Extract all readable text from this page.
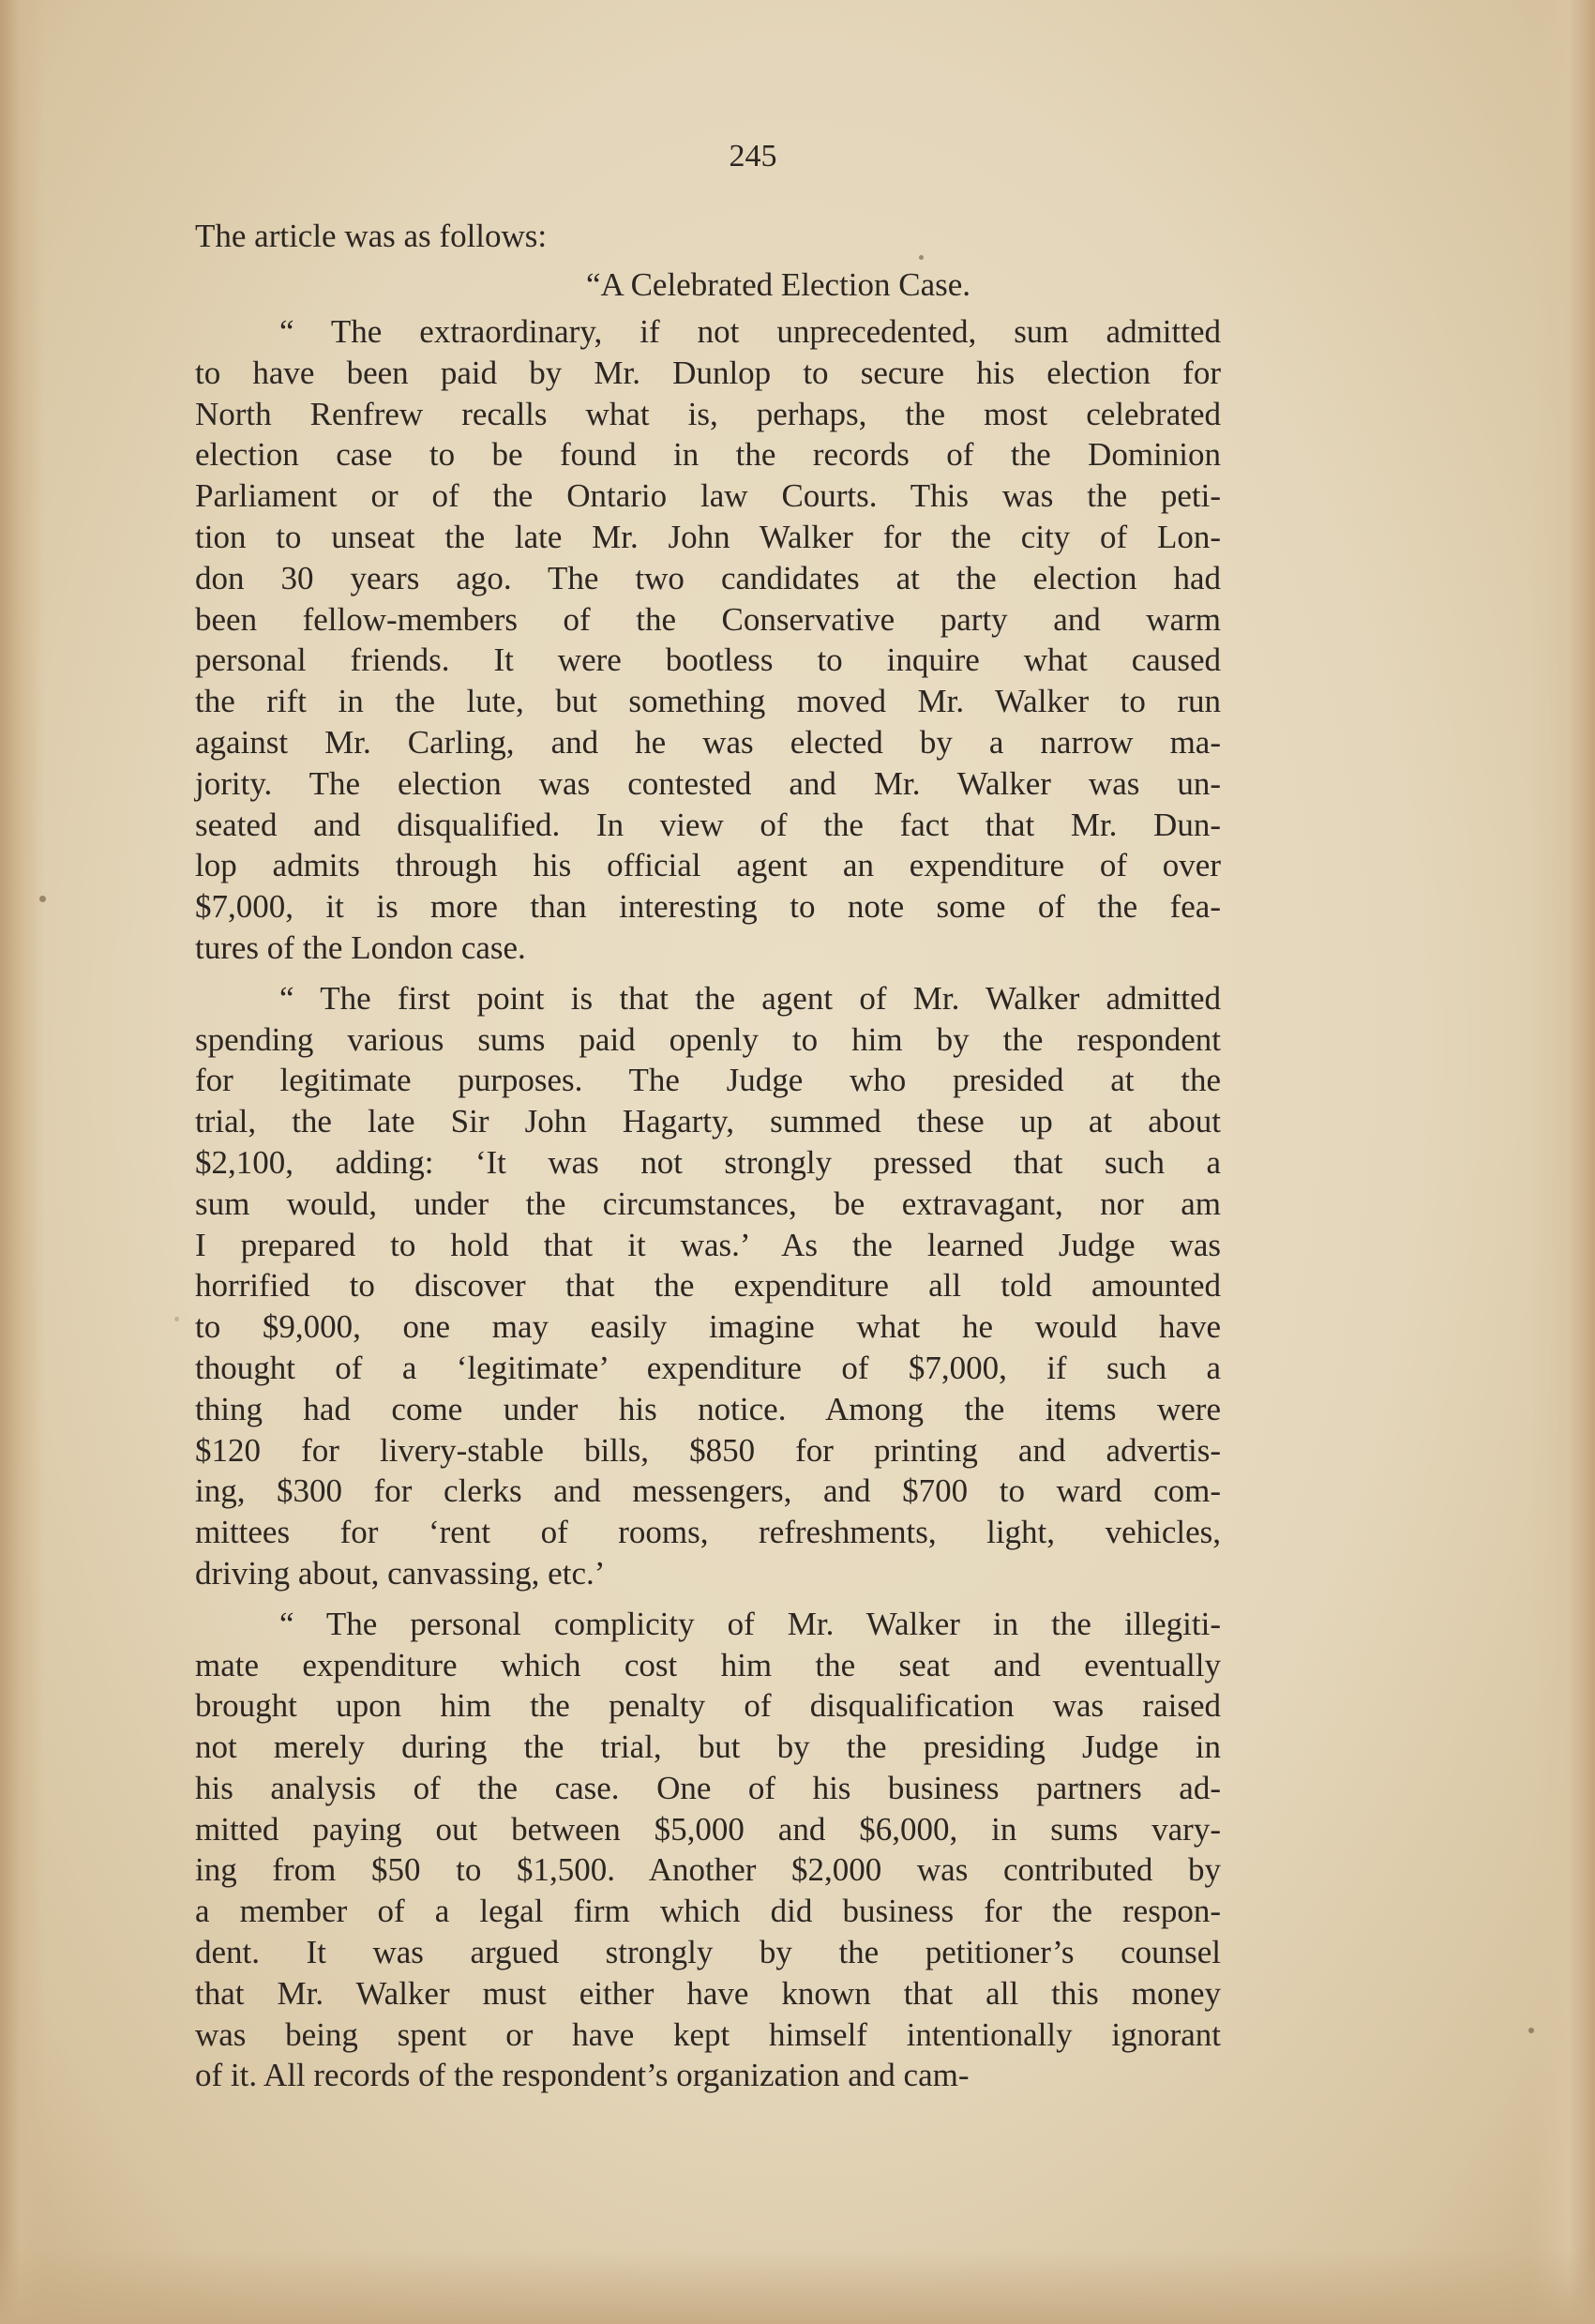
245

The article was as follows:

“A Celebrated Election Case.

“ The extraordinary, if not unprecedented, sum admitted
to have been paid by Mr. Dunlop to secure his election for
North Renfrew recalls what is, perhaps, the most celebrated
election case to be found in the records of the Dominion
Parliament or of the Ontario law Courts. This was the peti-
tion to unseat the late Mr. John Walker for the city of Lon-
don 30 years ago. The two candidates at the election had
been fellow-members of the Conservative party and warm
personal friends. It were bootless to inquire what caused
the rift in the lute, but something moved Mr. Walker to run
against Mr. Carling, and he was elected by a narrow ma-
jority. The election was contested and Mr. Walker was un-
seated and disqualified. In view of the fact that Mr. Dun-
lop admits through his official agent an expenditure of over
$7,000, it is more than interesting to note some of the fea-
tures of the London case.

“ The first point is that the agent of Mr. Walker admitted
spending various sums paid openly to him by the respondent
for legitimate purposes. The Judge who presided at the
trial, the late Sir John Hagarty, summed these up at about
$2,100, adding: ‘It was not strongly pressed that such a
sum would, under the circumstances, be extravagant, nor am
I prepared to hold that it was.’ As the learned Judge was
horrified to discover that the expenditure all told amounted
to $9,000, one may easily imagine what he would have
thought of a ‘legitimate’ expenditure of $7,000, if such a
thing had come under his notice. Among the items were
$120 for livery-stable bills, $850 for printing and advertis-
ing, $300 for clerks and messengers, and $700 to ward com-
mittees for ‘rent of rooms, refreshments, light, vehicles,
driving about, canvassing, etc.’

“ The personal complicity of Mr. Walker in the illegiti-
mate expenditure which cost him the seat and eventually
brought upon him the penalty of disqualification was raised
not merely during the trial, but by the presiding Judge in
his analysis of the case. One of his business partners ad-
mitted paying out between $5,000 and $6,000, in sums vary-
ing from $50 to $1,500. Another $2,000 was contributed by
a member of a legal firm which did business for the respon-
dent. It was argued strongly by the petitioner’s counsel
that Mr. Walker must either have known that all this money
was being spent or have kept himself intentionally ignorant
of it. All records of the respondent’s organization and cam-
